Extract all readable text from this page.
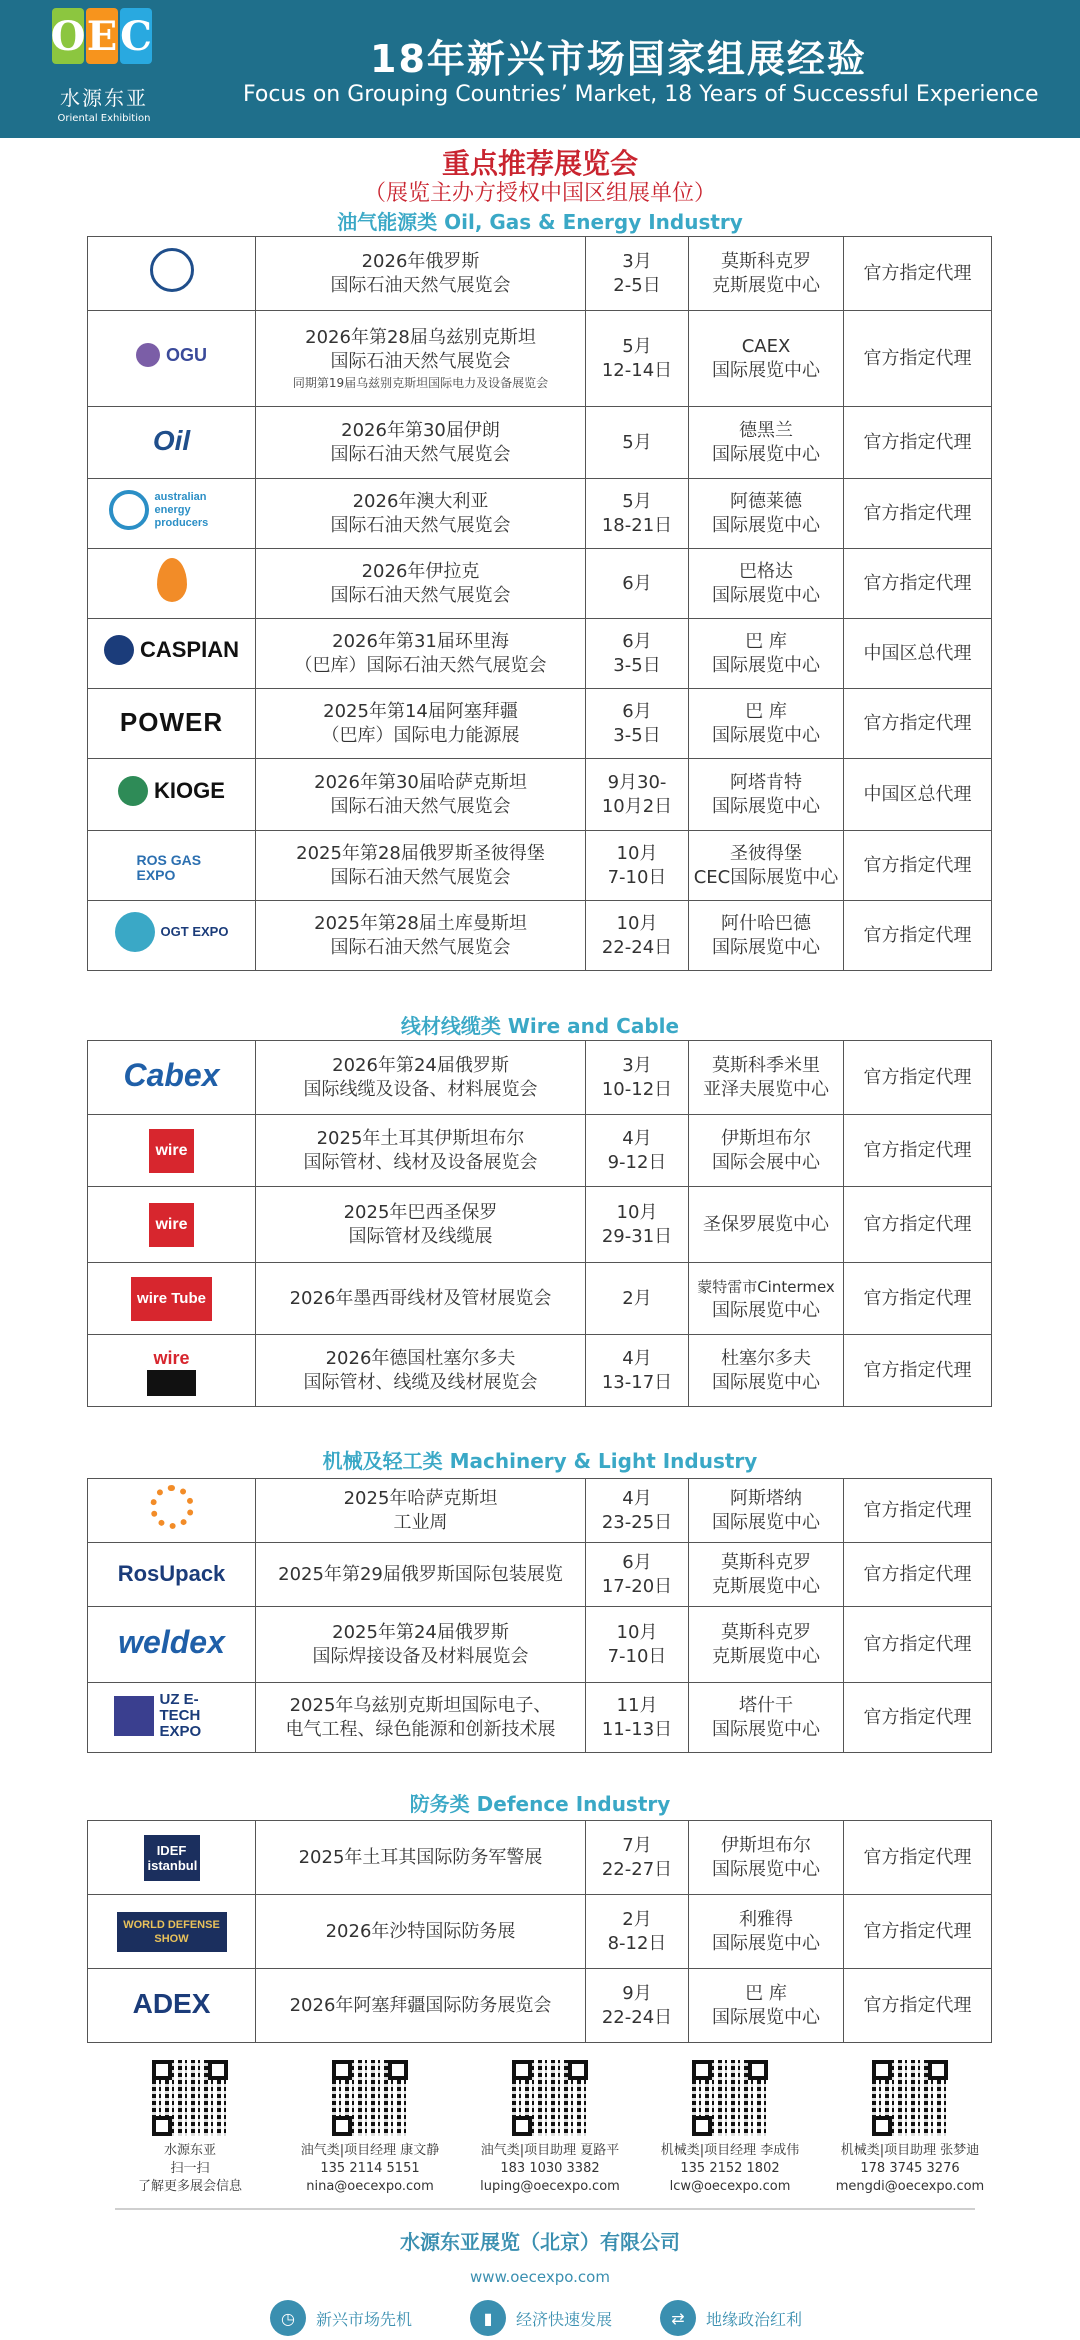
O E C
水源东亚
Oriental Exhibition
18年新兴市场国家组展经验
Focus on Grouping Countries’ Market, 18 Years of Successful Experience
重点推荐展览会
（展览主办方授权中国区组展单位）
油气能源类 Oil, Gas & Energy Industry
	2026年俄罗斯
国际石油天然气展览会	3月
2-5日	莫斯科克罗
克斯展览中心	官方指定代理

OGU	2026年第28届乌兹别克斯坦
国际石油天然气展览会
同期第19届乌兹别克斯坦国际电力及设备展览会	5月
12-14日	CAEX
国际展览中心	官方指定代理

Oil	2026年第30届伊朗
国际石油天然气展览会	5月	德黑兰
国际展览中心	官方指定代理

australian energy producers	2026年澳大利亚
国际石油天然气展览会	5月
18-21日	阿德莱德
国际展览中心	官方指定代理

	2026年伊拉克
国际石油天然气展览会	6月	巴格达
国际展览中心	官方指定代理

CASPIAN	2026年第31届环里海
（巴库）国际石油天然气展览会	6月
3-5日	巴 库
国际展览中心	中国区总代理

POWER	2025年第14届阿塞拜疆
（巴库）国际电力能源展	6月
3-5日	巴 库
国际展览中心	官方指定代理

KIOGE	2026年第30届哈萨克斯坦
国际石油天然气展览会	9月30-
10月2日	阿塔肯特
国际展览中心	中国区总代理

ROS GAS EXPO	2025年第28届俄罗斯圣彼得堡
国际石油天然气展览会	10月
7-10日	圣彼得堡
CEC国际展览中心	官方指定代理

OGT EXPO	2025年第28届土库曼斯坦
国际石油天然气展览会	10月
22-24日	阿什哈巴德
国际展览中心	官方指定代理
线材线缆类 Wire and Cable
Cabex	2026年第24届俄罗斯
国际线缆及设备、材料展览会	3月
10-12日	莫斯科季米里
亚泽夫展览中心	官方指定代理

wire	2025年土耳其伊斯坦布尔
国际管材、线材及设备展览会	4月
9-12日	伊斯坦布尔
国际会展中心	官方指定代理

wire	2025年巴西圣保罗
国际管材及线缆展	10月
29-31日	圣保罗展览中心	官方指定代理

wire Tube	2026年墨西哥线材及管材展览会	2月	蒙特雷市Cintermex
国际展览中心	官方指定代理

wire	2026年德国杜塞尔多夫
国际管材、线缆及线材展览会	4月
13-17日	杜塞尔多夫
国际展览中心	官方指定代理
机械及轻工类 Machinery & Light Industry
	2025年哈萨克斯坦
工业周	4月
23-25日	阿斯塔纳
国际展览中心	官方指定代理

RosUpack	2025年第29届俄罗斯国际包装展览	6月
17-20日	莫斯科克罗
克斯展览中心	官方指定代理

weldex	2025年第24届俄罗斯
国际焊接设备及材料展览会	10月
7-10日	莫斯科克罗
克斯展览中心	官方指定代理

UZ E-TECH EXPO	2025年乌兹别克斯坦国际电子、
电气工程、绿色能源和创新技术展	11月
11-13日	塔什干
国际展览中心	官方指定代理
防务类 Defence Industry
IDEF istanbul	2025年土耳其国际防务军警展	7月
22-27日	伊斯坦布尔
国际展览中心	官方指定代理

WORLD DEFENSE SHOW	2026年沙特国际防务展	2月
8-12日	利雅得
国际展览中心	官方指定代理

ADEX	2026年阿塞拜疆国际防务展览会	9月
22-24日	巴 库
国际展览中心	官方指定代理
水源东亚
扫一扫
了解更多展会信息
油气类|项目经理 康文静
135 2114 5151
nina@oecexpo.com
油气类|项目助理 夏路平
183 1030 3382
luping@oecexpo.com
机械类|项目经理 李成伟
135 2152 1802
lcw@oecexpo.com
机械类|项目助理 张梦迪
178 3745 3276
mengdi@oecexpo.com
水源东亚展览（北京）有限公司
www.oecexpo.com
◷	新兴市场先机	▮	经济快速发展	⇄	地缘政治红利
